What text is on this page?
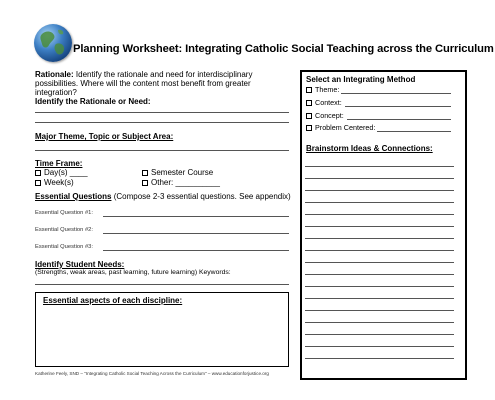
Planning Worksheet: Integrating Catholic Social Teaching across the Curriculum
Rationale: Identify the rationale and need for interdisciplinary
possibilities. Where will the content most benefit from greater
integration?
Identify the Rationale or Need:
Major Theme, Topic or Subject Area:
Time Frame:
Day(s) ____
Week(s)
Semester Course
Other: __________
Essential Questions (Compose 2-3 essential questions. See appendix)
Essential Question #1:
Essential Question #2:
Essential Question #3:
Identify Student Needs:
(Strengths, weak areas, past learning, future learning) Keywords:
Essential aspects of each discipline:
Select an Integrating Method
Theme:
Context:
Concept:
Problem Centered:
Brainstorm Ideas & Connections:
Katherine Feely, SND – "Integrating Catholic Social Teaching Across the Curriculum" – www.educationforjustice.org
